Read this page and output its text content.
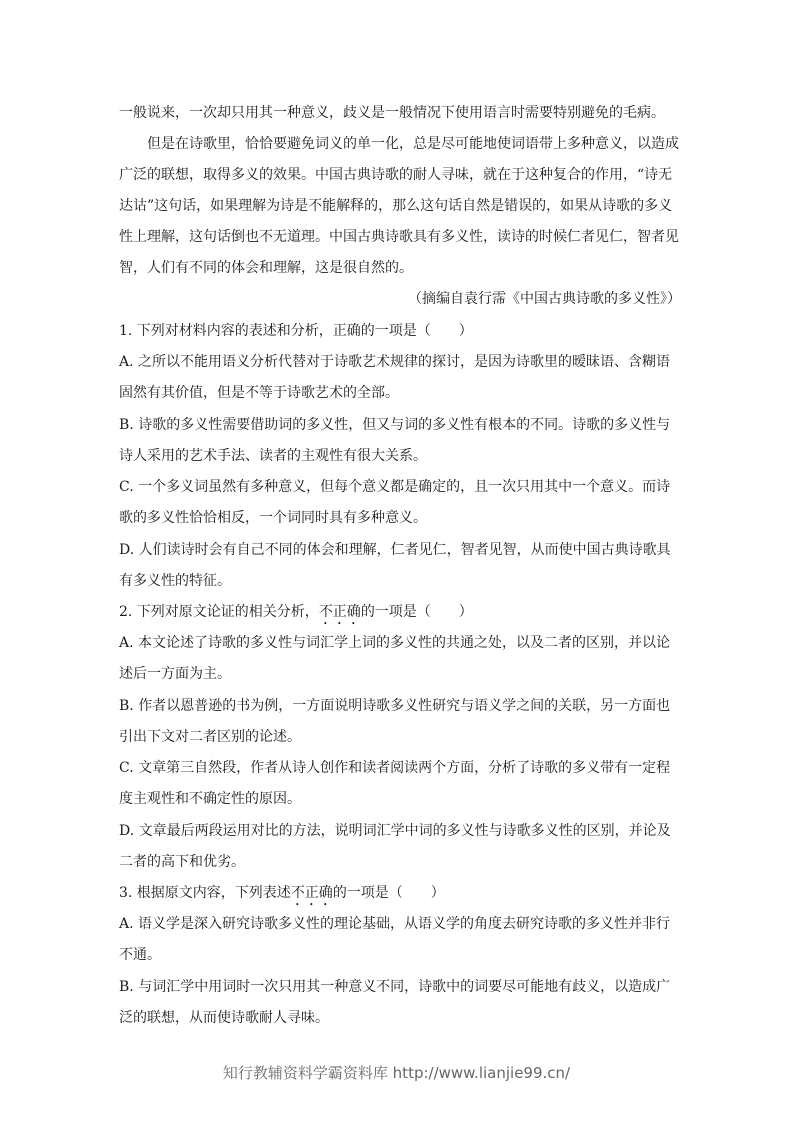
一般说来，一次却只用其一种意义，歧义是一般情况下使用语言时需要特别避免的毛病。
但是在诗歌里，恰恰要避免词义的单一化，总是尽可能地使词语带上多种意义，以造成
广泛的联想，取得多义的效果。中国古典诗歌的耐人寻味，就在于这种复合的作用，“诗无
达诂”这句话，如果理解为诗是不能解释的，那么这句话自然是错误的，如果从诗歌的多义
性上理解，这句话倒也不无道理。中国古典诗歌具有多义性，读诗的时候仁者见仁，智者见
智，人们有不同的体会和理解，这是很自然的。
（摘编自袁行霈《中国古典诗歌的多义性》）
1. 下列对材料内容的表述和分析，正确的一项是（　　）
A. 之所以不能用语义分析代替对于诗歌艺术规律的探讨，是因为诗歌里的暧昧语、含糊语
固然有其价值，但是不等于诗歌艺术的全部。
B. 诗歌的多义性需要借助词的多义性，但又与词的多义性有根本的不同。诗歌的多义性与
诗人采用的艺术手法、读者的主观性有很大关系。
C. 一个多义词虽然有多种意义，但每个意义都是确定的，且一次只用其中一个意义。而诗
歌的多义性恰恰相反，一个词同时具有多种意义。
D. 人们读诗时会有自己不同的体会和理解，仁者见仁，智者见智，从而使中国古典诗歌具
有多义性的特征。
2. 下列对原文论证的相关分析，不正确的一项是（　　）
A. 本文论述了诗歌的多义性与词汇学上词的多义性的共通之处，以及二者的区别，并以论
述后一方面为主。
B. 作者以恩普逊的书为例，一方面说明诗歌多义性研究与语义学之间的关联，另一方面也
引出下文对二者区别的论述。
C. 文章第三自然段，作者从诗人创作和读者阅读两个方面，分析了诗歌的多义带有一定程
度主观性和不确定性的原因。
D. 文章最后两段运用对比的方法，说明词汇学中词的多义性与诗歌多义性的区别，并论及
二者的高下和优劣。
3. 根据原文内容，下列表述不正确的一项是（　　）
A. 语义学是深入研究诗歌多义性的理论基础，从语义学的角度去研究诗歌的多义性并非行
不通。
B. 与词汇学中用词时一次只用其一种意义不同，诗歌中的词要尽可能地有歧义，以造成广
泛的联想，从而使诗歌耐人寻味。
知行教辅资料学霸资料库 http://www.lianjie99.cn/
